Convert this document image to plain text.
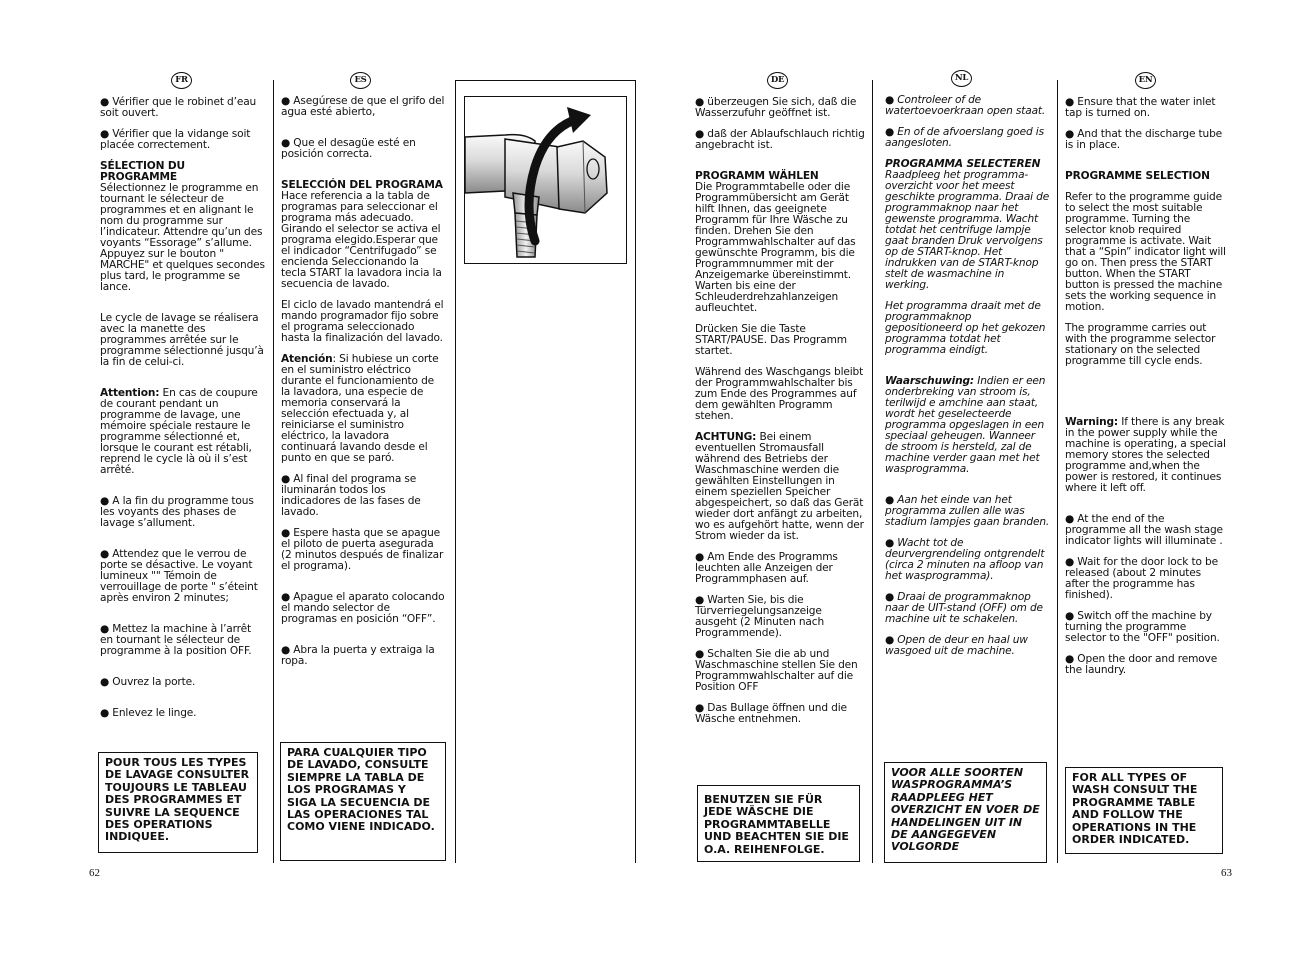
FR	ES	DE	NL	EN

● Vérifier que le robinet d’eau soit ouvert.

● Vérifier que la vidange soit placée correctement.

SÉLECTION DU PROGRAMME

Sélectionnez le programme en tournant le sélecteur de programmes et en alignant le nom du programme sur l’indicateur. Attendre qu’un des voyants “Essorage” s’allume. Appuyez sur le bouton " MARCHE" et quelques secondes plus tard, le programme se lance.

Le cycle de lavage se réalisera avec la manette des programmes arrêtée sur le programme sélectionné jusqu’à la fin de celui-ci.

Attention: En cas de coupure de courant pendant un programme de lavage, une mémoire spéciale restaure le programme sélectionné et, lorsque le courant est rétabli, reprend le cycle là où il s’est arrêté.

● A la fin du programme tous les voyants des phases de lavage s’allument.

● Attendez que le verrou de porte se désactive. Le voyant lumineux "" Témoin de verrouillage de porte " s’éteint après environ 2 minutes;

● Mettez la machine à l’arrêt en tournant le sélecteur de programme à la position OFF.

● Ouvrez la porte.

● Enlevez le linge.

POUR TOUS LES TYPES DE LAVAGE CONSULTER TOUJOURS LE TABLEAU DES PROGRAMMES ET SUIVRE LA SEQUENCE DES OPERATIONS INDIQUEE.

● Asegúrese de que el grifo del agua esté abierto,

● Que el desagüe esté en posición correcta.

SELECCIÓN DEL PROGRAMA

Hace referencia a la tabla de programas para seleccionar el programa más adecuado. Girando el selector se activa el programa elegido.Esperar que el indicador “Centrifugado” se encienda Seleccionando la tecla START la lavadora incia la secuencia de lavado.

El ciclo de lavado mantendrá el mando programador fijo sobre el programa seleccionado hasta la finalización del lavado.

Atención: Si hubiese un corte en el suministro eléctrico durante el funcionamiento de la lavadora, una especie de memoria conservará la selección efectuada y, al reiniciarse el suministro eléctrico, la lavadora continuará lavando desde el punto en que se paró.

● Al final del programa se iluminarán todos los indicadores de las fases de lavado.

● Espere hasta que se apague el piloto de puerta asegurada (2 minutos después de finalizar el programa).

● Apague el aparato colocando el mando selector de programas en posición “OFF”.

● Abra la puerta y extraiga la ropa.

PARA CUALQUIER TIPO DE LAVADO, CONSULTE SIEMPRE LA TABLA DE LOS PROGRAMAS Y SIGA LA SECUENCIA DE LAS OPERACIONES TAL COMO VIENE INDICADO.

● überzeugen Sie sich, daß die Wasserzufuhr geöffnet ist.

● daß der Ablaufschlauch richtig angebracht ist.

PROGRAMM WÄHLEN

Die Programmtabelle oder die Programmübersicht am Gerät hilft Ihnen, das geeignete Programm für Ihre Wäsche zu finden. Drehen Sie den Programmwahlschalter auf das gewünschte Programm, bis die Programmnummer mit der Anzeigemarke übereinstimmt. Warten bis eine der Schleuderdrehzahlanzeigen aufleuchtet.

Drücken Sie die Taste START/PAUSE. Das Programm startet.

Während des Waschgangs bleibt der Programmwahlschalter bis zum Ende des Programmes auf dem gewählten Programm stehen.

ACHTUNG: Bei einem eventuellen Stromausfall während des Betriebs der Waschmaschine werden die gewählten Einstellungen in einem speziellen Speicher abgespeichert, so daß das Gerät wieder dort anfängt zu arbeiten, wo es aufgehört hatte, wenn der Strom wieder da ist.

● Am Ende des Programms leuchten alle Anzeigen der Programmphasen auf.

● Warten Sie, bis die Türverriegelungsanzeige ausgeht (2 Minuten nach Programmende).

● Schalten Sie die ab und Waschmaschine stellen Sie den Programmwahlschalter auf die Position OFF

● Das Bullage öffnen und die Wäsche entnehmen.

BENUTZEN SIE FÜR JEDE WÄSCHE DIE PROGRAMMTABELLE UND BEACHTEN SIE DIE O.A. REIHENFOLGE.

● Controleer of de watertoevoerkraan open staat.

● En of de afvoerslang goed is aangesloten.

PROGRAMMA SELECTEREN

Raadpleeg het programma-overzicht voor het meest geschikte programma. Draai de programmaknop naar het gewenste programma. Wacht totdat het centrifuge lampje gaat branden Druk vervolgens op de START-knop. Het indrukken van de START-knop stelt de wasmachine in werking.

Het programma draait met de programmaknop gepositioneerd op het gekozen programma totdat het programma eindigt.

Waarschuwing: Indien er een onderbreking van stroom is, terilwijd e amchine aan staat, wordt het geselecteerde programma opgeslagen in een speciaal geheugen. Wanneer de stroom is hersteld, zal de machine verder gaan met het wasprogramma.

● Aan het einde van het programma zullen alle was stadium lampjes gaan branden.

● Wacht tot de deurvergrendeling ontgrendelt (circa 2 minuten na afloop van het wasprogramma).

● Draai de programmaknop naar de UIT-stand (OFF) om de machine uit te schakelen.

● Open de deur en haal uw wasgoed uit de machine.

VOOR ALLE SOORTEN WASPROGRAMMA’S RAADPLEEG HET OVERZICHT EN VOER DE HANDELINGEN UIT IN DE AANGEGEVEN VOLGORDE

● Ensure that the water inlet tap is turned on.

● And that the discharge tube is in place.

PROGRAMME SELECTION

Refer to the programme guide to select the most suitable programme. Turning the selector knob required programme is activate. Wait that a “Spin” indicator light will go on. Then press the START button. When the START button is pressed the machine sets the working sequence in motion.

The programme carries out with the programme selector stationary on the selected programme till cycle ends.

Warning: If there is any break in the power supply while the machine is operating, a special memory stores the selected programme and,when the power is restored, it continues where it left off.

● At the end of the programme all the wash stage indicator lights will illuminate .

● Wait for the door lock to be released (about 2 minutes after the programme has finished).

● Switch off the machine by turning the programme selector to the "OFF" position.

● Open the door and remove the laundry.

FOR ALL TYPES OF WASH CONSULT THE PROGRAMME TABLE AND FOLLOW THE OPERATIONS IN THE ORDER INDICATED.
62	63
